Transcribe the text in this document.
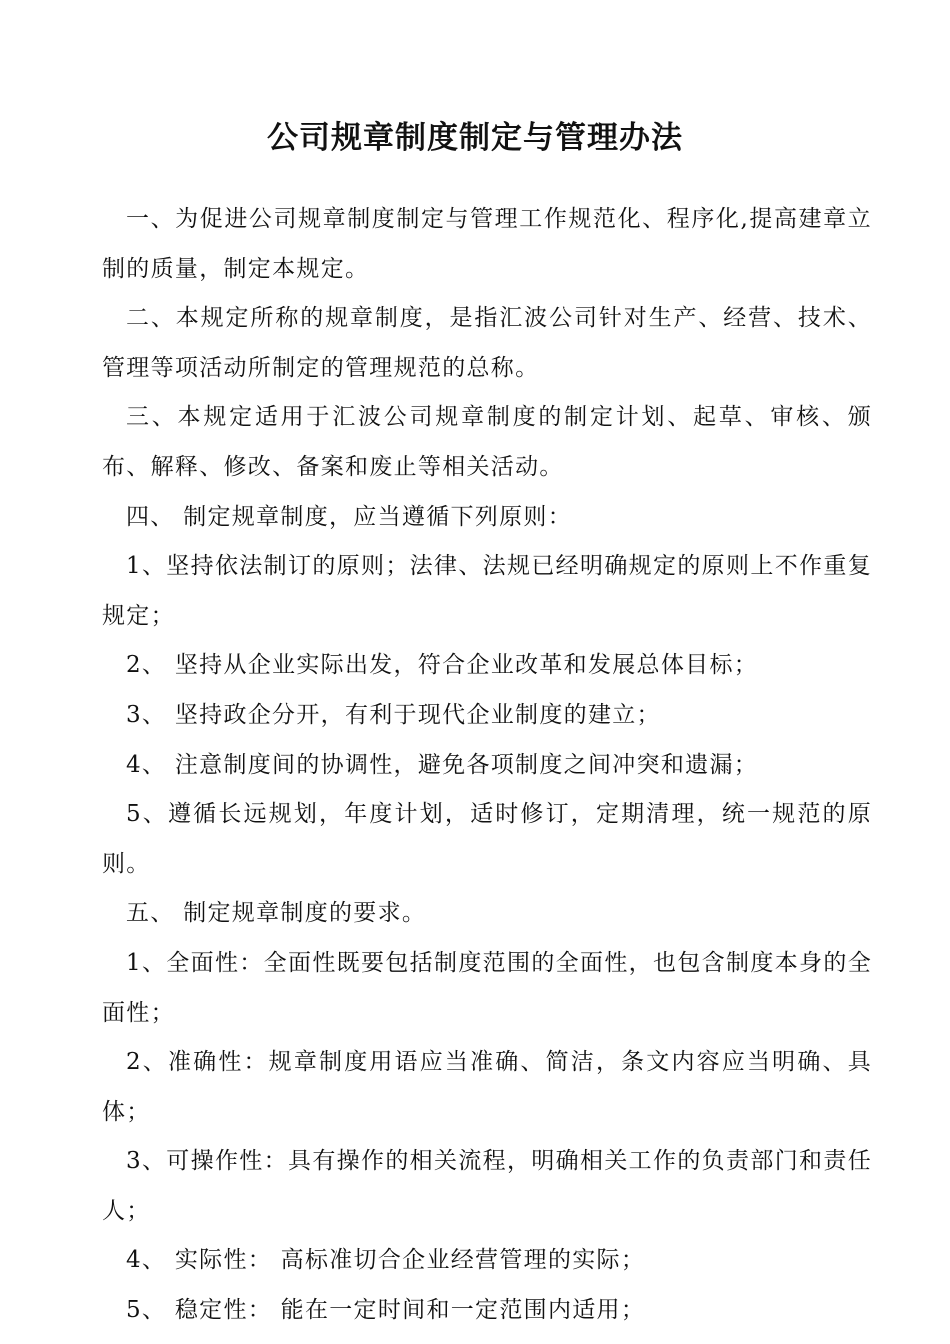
公司规章制度制定与管理办法

一、为促进公司规章制度制定与管理工作规范化、程序化,提高建章立制的质量，制定本规定。

二、本规定所称的规章制度，是指汇波公司针对生产、经营、技术、管理等项活动所制定的管理规范的总称。

三、本规定适用于汇波公司规章制度的制定计划、起草、审核、颁布、解释、修改、备案和废止等相关活动。

四、 制定规章制度，应当遵循下列原则：

1、坚持依法制订的原则；法律、法规已经明确规定的原则上不作重复规定；

2、 坚持从企业实际出发，符合企业改革和发展总体目标；

3、 坚持政企分开，有利于现代企业制度的建立；

4、 注意制度间的协调性，避免各项制度之间冲突和遗漏；

5、遵循长远规划，年度计划，适时修订，定期清理，统一规范的原则。

五、 制定规章制度的要求。

1、全面性：全面性既要包括制度范围的全面性，也包含制度本身的全面性；

2、准确性：规章制度用语应当准确、简洁，条文内容应当明确、具体；

3、可操作性：具有操作的相关流程，明确相关工作的负责部门和责任人；

4、 实际性： 高标准切合企业经营管理的实际；

5、 稳定性： 能在一定时间和一定范围内适用；
